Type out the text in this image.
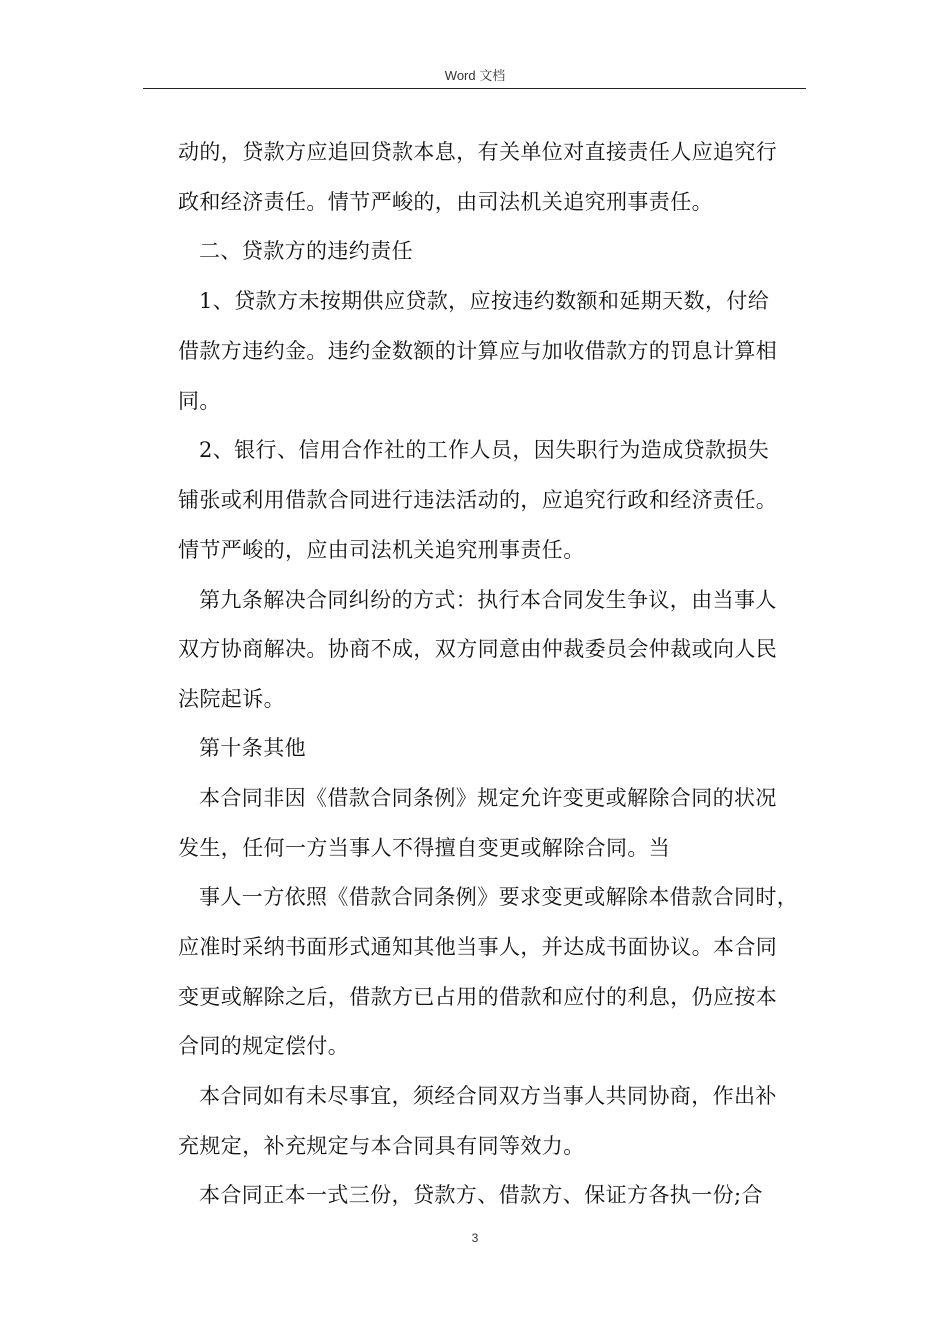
Word 文档
动的，贷款方应追回贷款本息，有关单位对直接责任人应追究行
政和经济责任。情节严峻的，由司法机关追究刑事责任。
二、贷款方的违约责任
1、贷款方未按期供应贷款，应按违约数额和延期天数，付给
借款方违约金。违约金数额的计算应与加收借款方的罚息计算相
同。
2、银行、信用合作社的工作人员，因失职行为造成贷款损失
铺张或利用借款合同进行违法活动的，应追究行政和经济责任。
情节严峻的，应由司法机关追究刑事责任。
第九条解决合同纠纷的方式：执行本合同发生争议，由当事人
双方协商解决。协商不成，双方同意由仲裁委员会仲裁或向人民
法院起诉。
第十条其他
本合同非因《借款合同条例》规定允许变更或解除合同的状况
发生，任何一方当事人不得擅自变更或解除合同。当
事人一方依照《借款合同条例》要求变更或解除本借款合同时，
应准时采纳书面形式通知其他当事人，并达成书面协议。本合同
变更或解除之后，借款方已占用的借款和应付的利息，仍应按本
合同的规定偿付。
本合同如有未尽事宜，须经合同双方当事人共同协商，作出补
充规定，补充规定与本合同具有同等效力。
本合同正本一式三份，贷款方、借款方、保证方各执一份;合
3
